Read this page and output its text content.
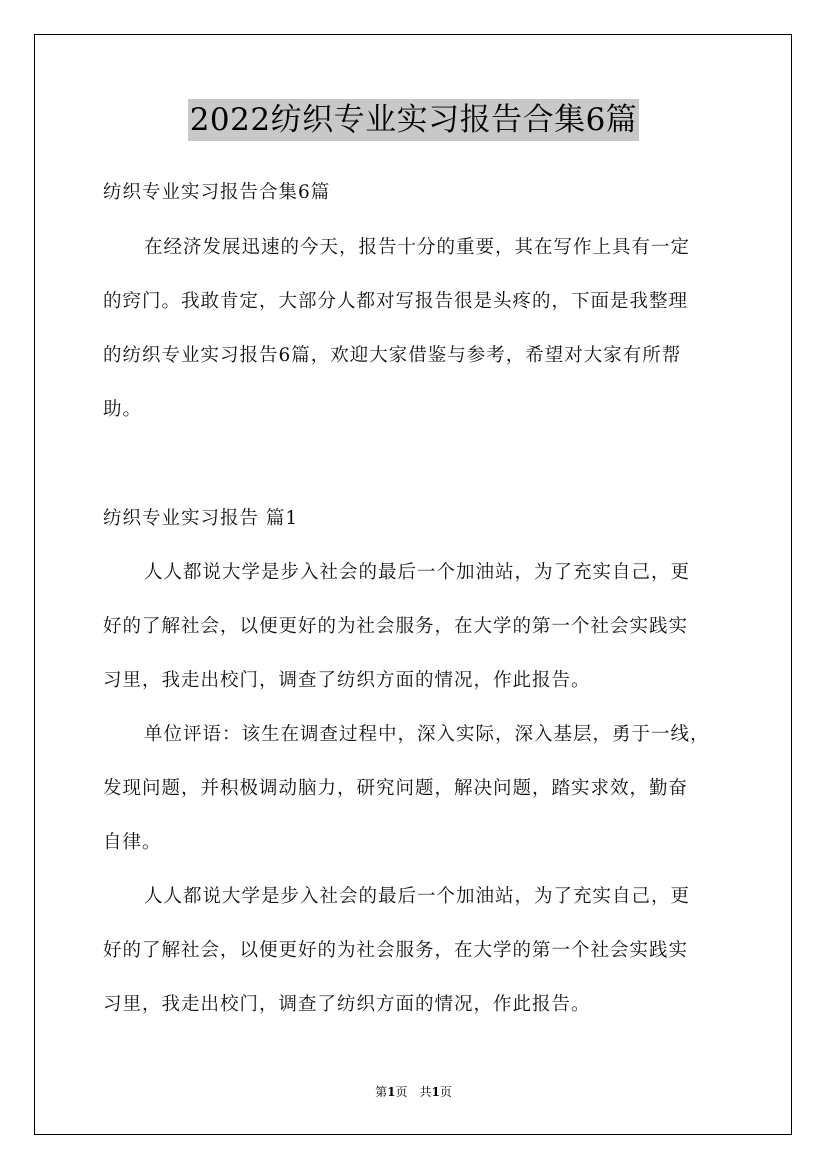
2022纺织专业实习报告合集6篇
纺织专业实习报告合集6篇
在经济发展迅速的今天，报告十分的重要，其在写作上具有一定
的窍门。我敢肯定，大部分人都对写报告很是头疼的，下面是我整理
的纺织专业实习报告6篇，欢迎大家借鉴与参考，希望对大家有所帮
助。
纺织专业实习报告 篇1
人人都说大学是步入社会的最后一个加油站，为了充实自己，更
好的了解社会，以便更好的为社会服务，在大学的第一个社会实践实
习里，我走出校门，调查了纺织方面的情况，作此报告。
单位评语：该生在调查过程中，深入实际，深入基层，勇于一线，
发现问题，并积极调动脑力，研究问题，解决问题，踏实求效，勤奋
自律。
人人都说大学是步入社会的最后一个加油站，为了充实自己，更
好的了解社会，以便更好的为社会服务，在大学的第一个社会实践实
习里，我走出校门，调查了纺织方面的情况，作此报告。
第1页　共1页
